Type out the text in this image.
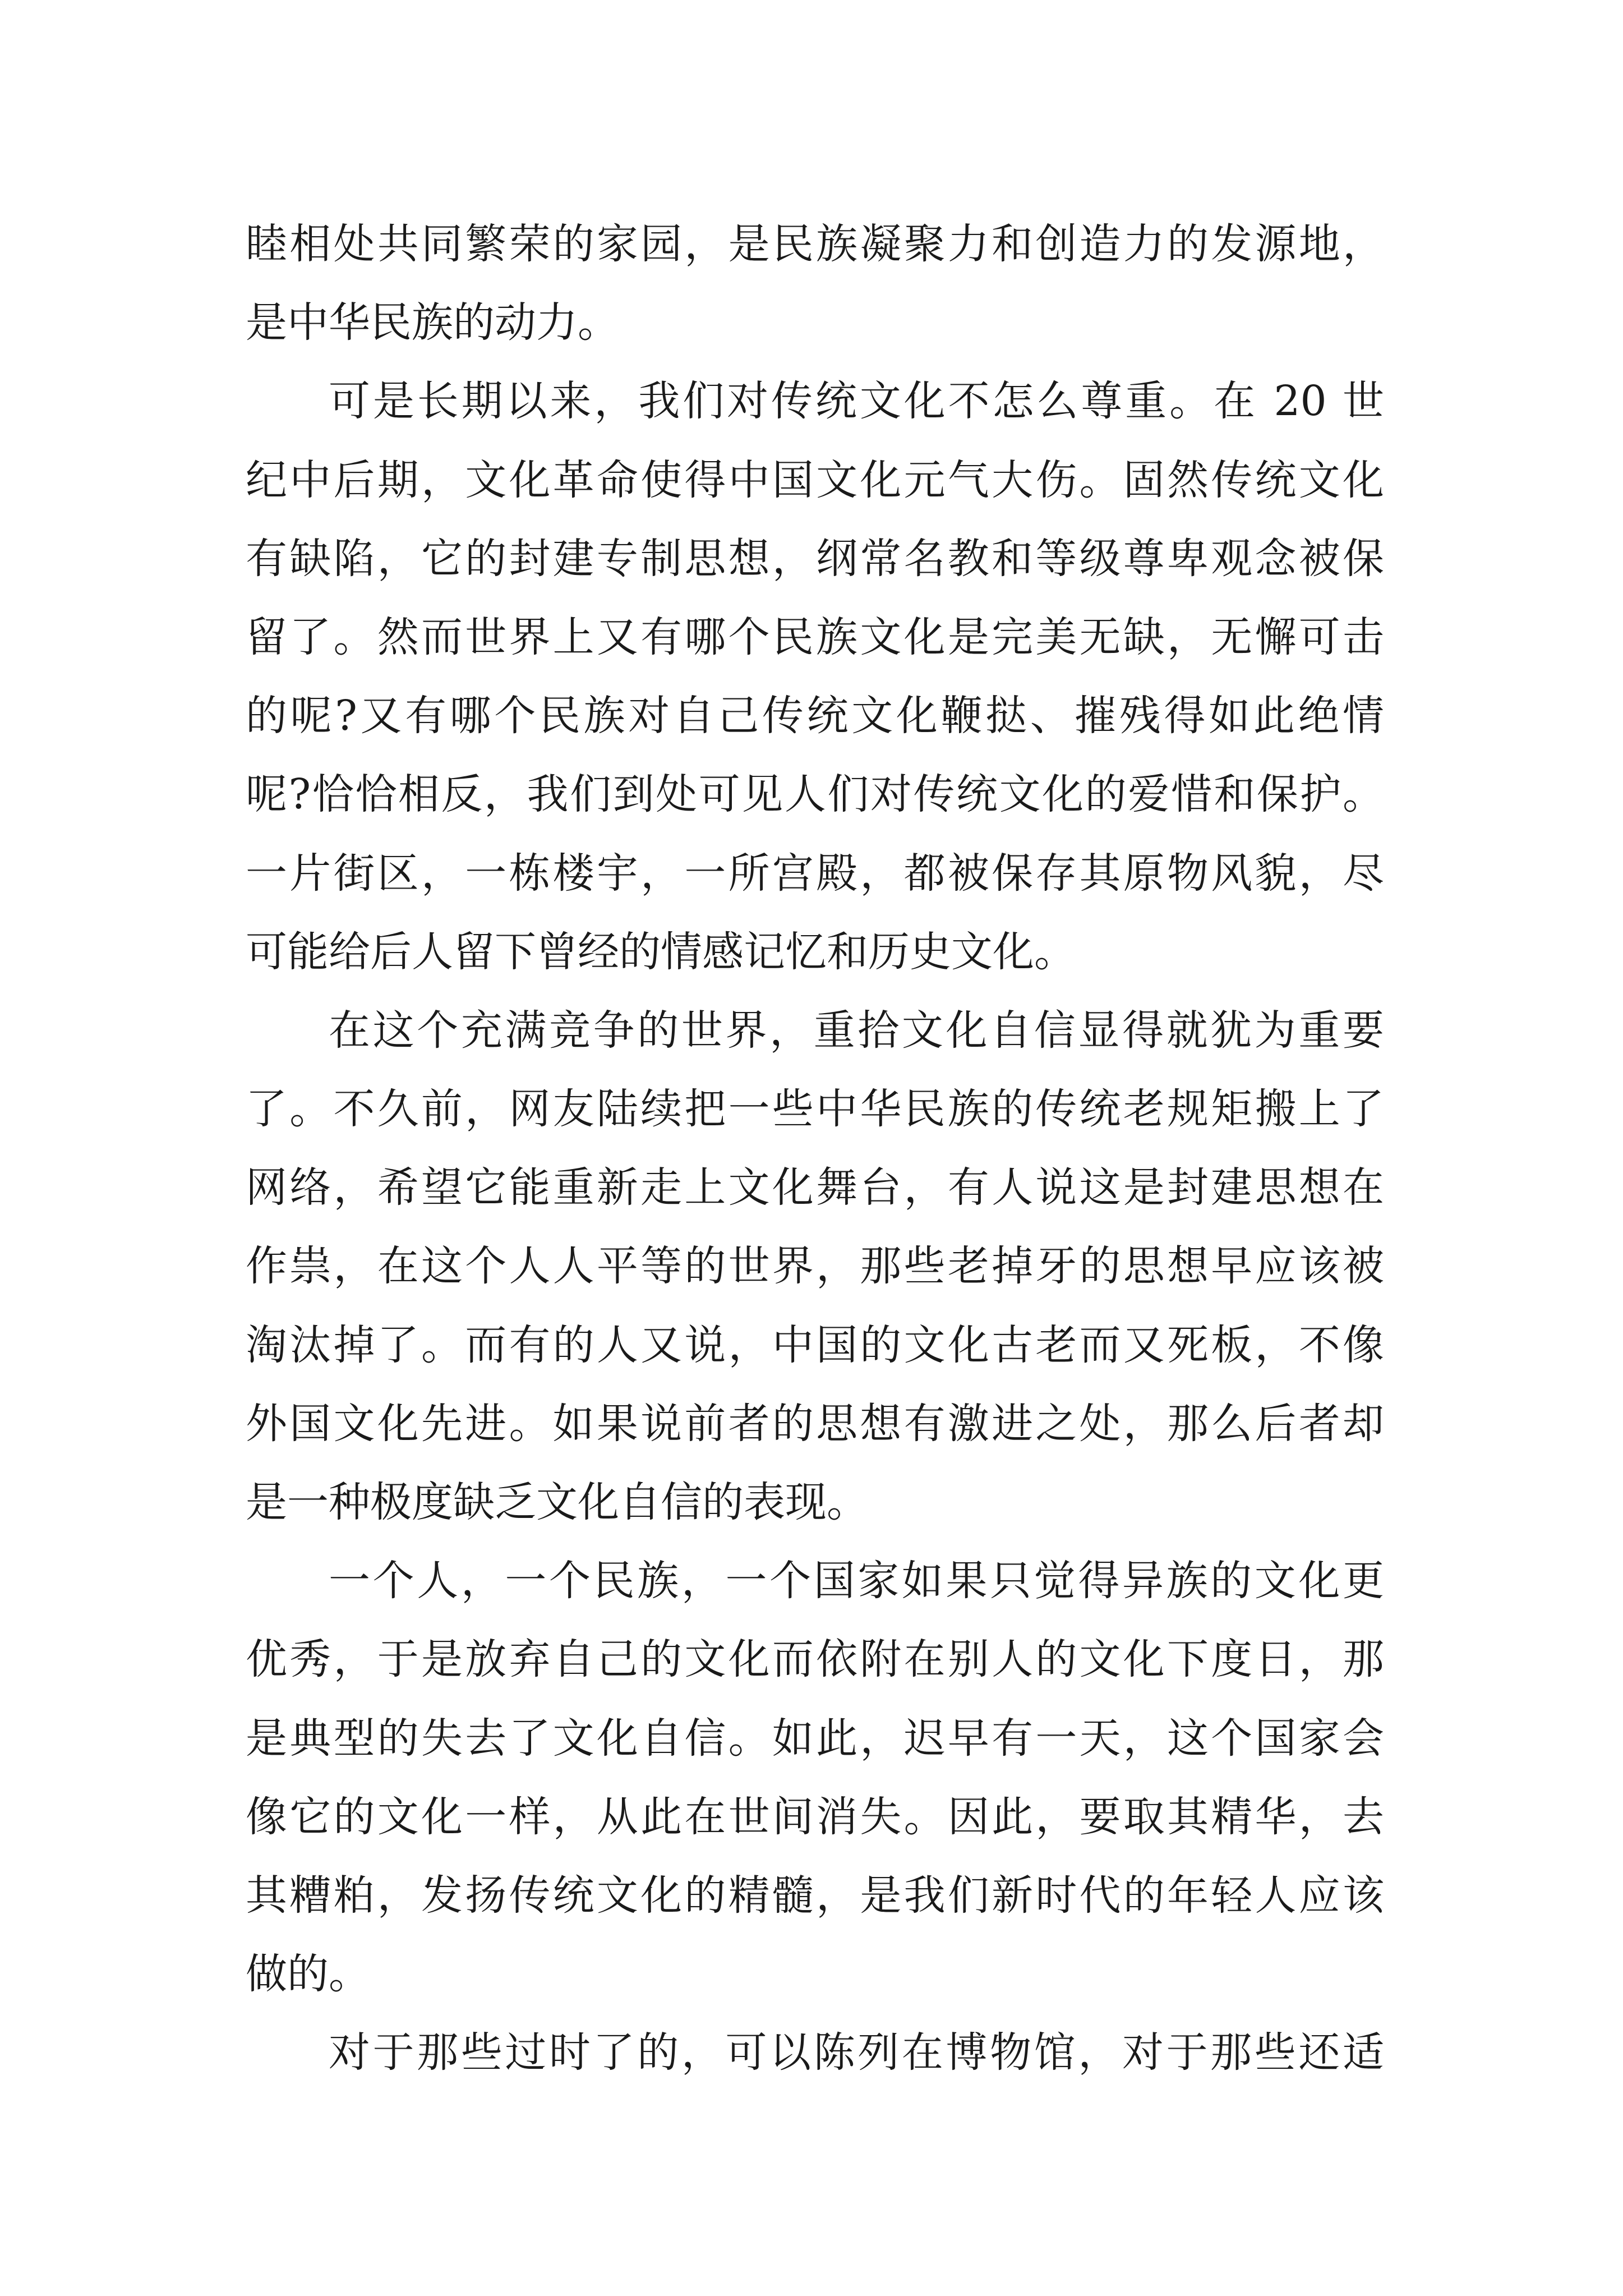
睦相处共同繁荣的家园，是民族凝聚力和创造力的发源地，
是中华民族的动力。
可是长期以来，我们对传统文化不怎么尊重。在 20 世
纪中后期，文化革命使得中国文化元气大伤。固然传统文化
有缺陷，它的封建专制思想，纲常名教和等级尊卑观念被保
留了。然而世界上又有哪个民族文化是完美无缺，无懈可击
的呢?又有哪个民族对自己传统文化鞭挞、摧残得如此绝情
呢?恰恰相反，我们到处可见人们对传统文化的爱惜和保护。
一片街区，一栋楼宇，一所宫殿，都被保存其原物风貌，尽
可能给后人留下曾经的情感记忆和历史文化。
在这个充满竞争的世界，重拾文化自信显得就犹为重要
了。不久前，网友陆续把一些中华民族的传统老规矩搬上了
网络，希望它能重新走上文化舞台，有人说这是封建思想在
作祟，在这个人人平等的世界，那些老掉牙的思想早应该被
淘汰掉了。而有的人又说，中国的文化古老而又死板，不像
外国文化先进。如果说前者的思想有激进之处，那么后者却
是一种极度缺乏文化自信的表现。
一个人，一个民族，一个国家如果只觉得异族的文化更
优秀，于是放弃自己的文化而依附在别人的文化下度日，那
是典型的失去了文化自信。如此，迟早有一天，这个国家会
像它的文化一样，从此在世间消失。因此，要取其精华，去
其糟粕，发扬传统文化的精髓，是我们新时代的年轻人应该
做的。
对于那些过时了的，可以陈列在博物馆，对于那些还适
